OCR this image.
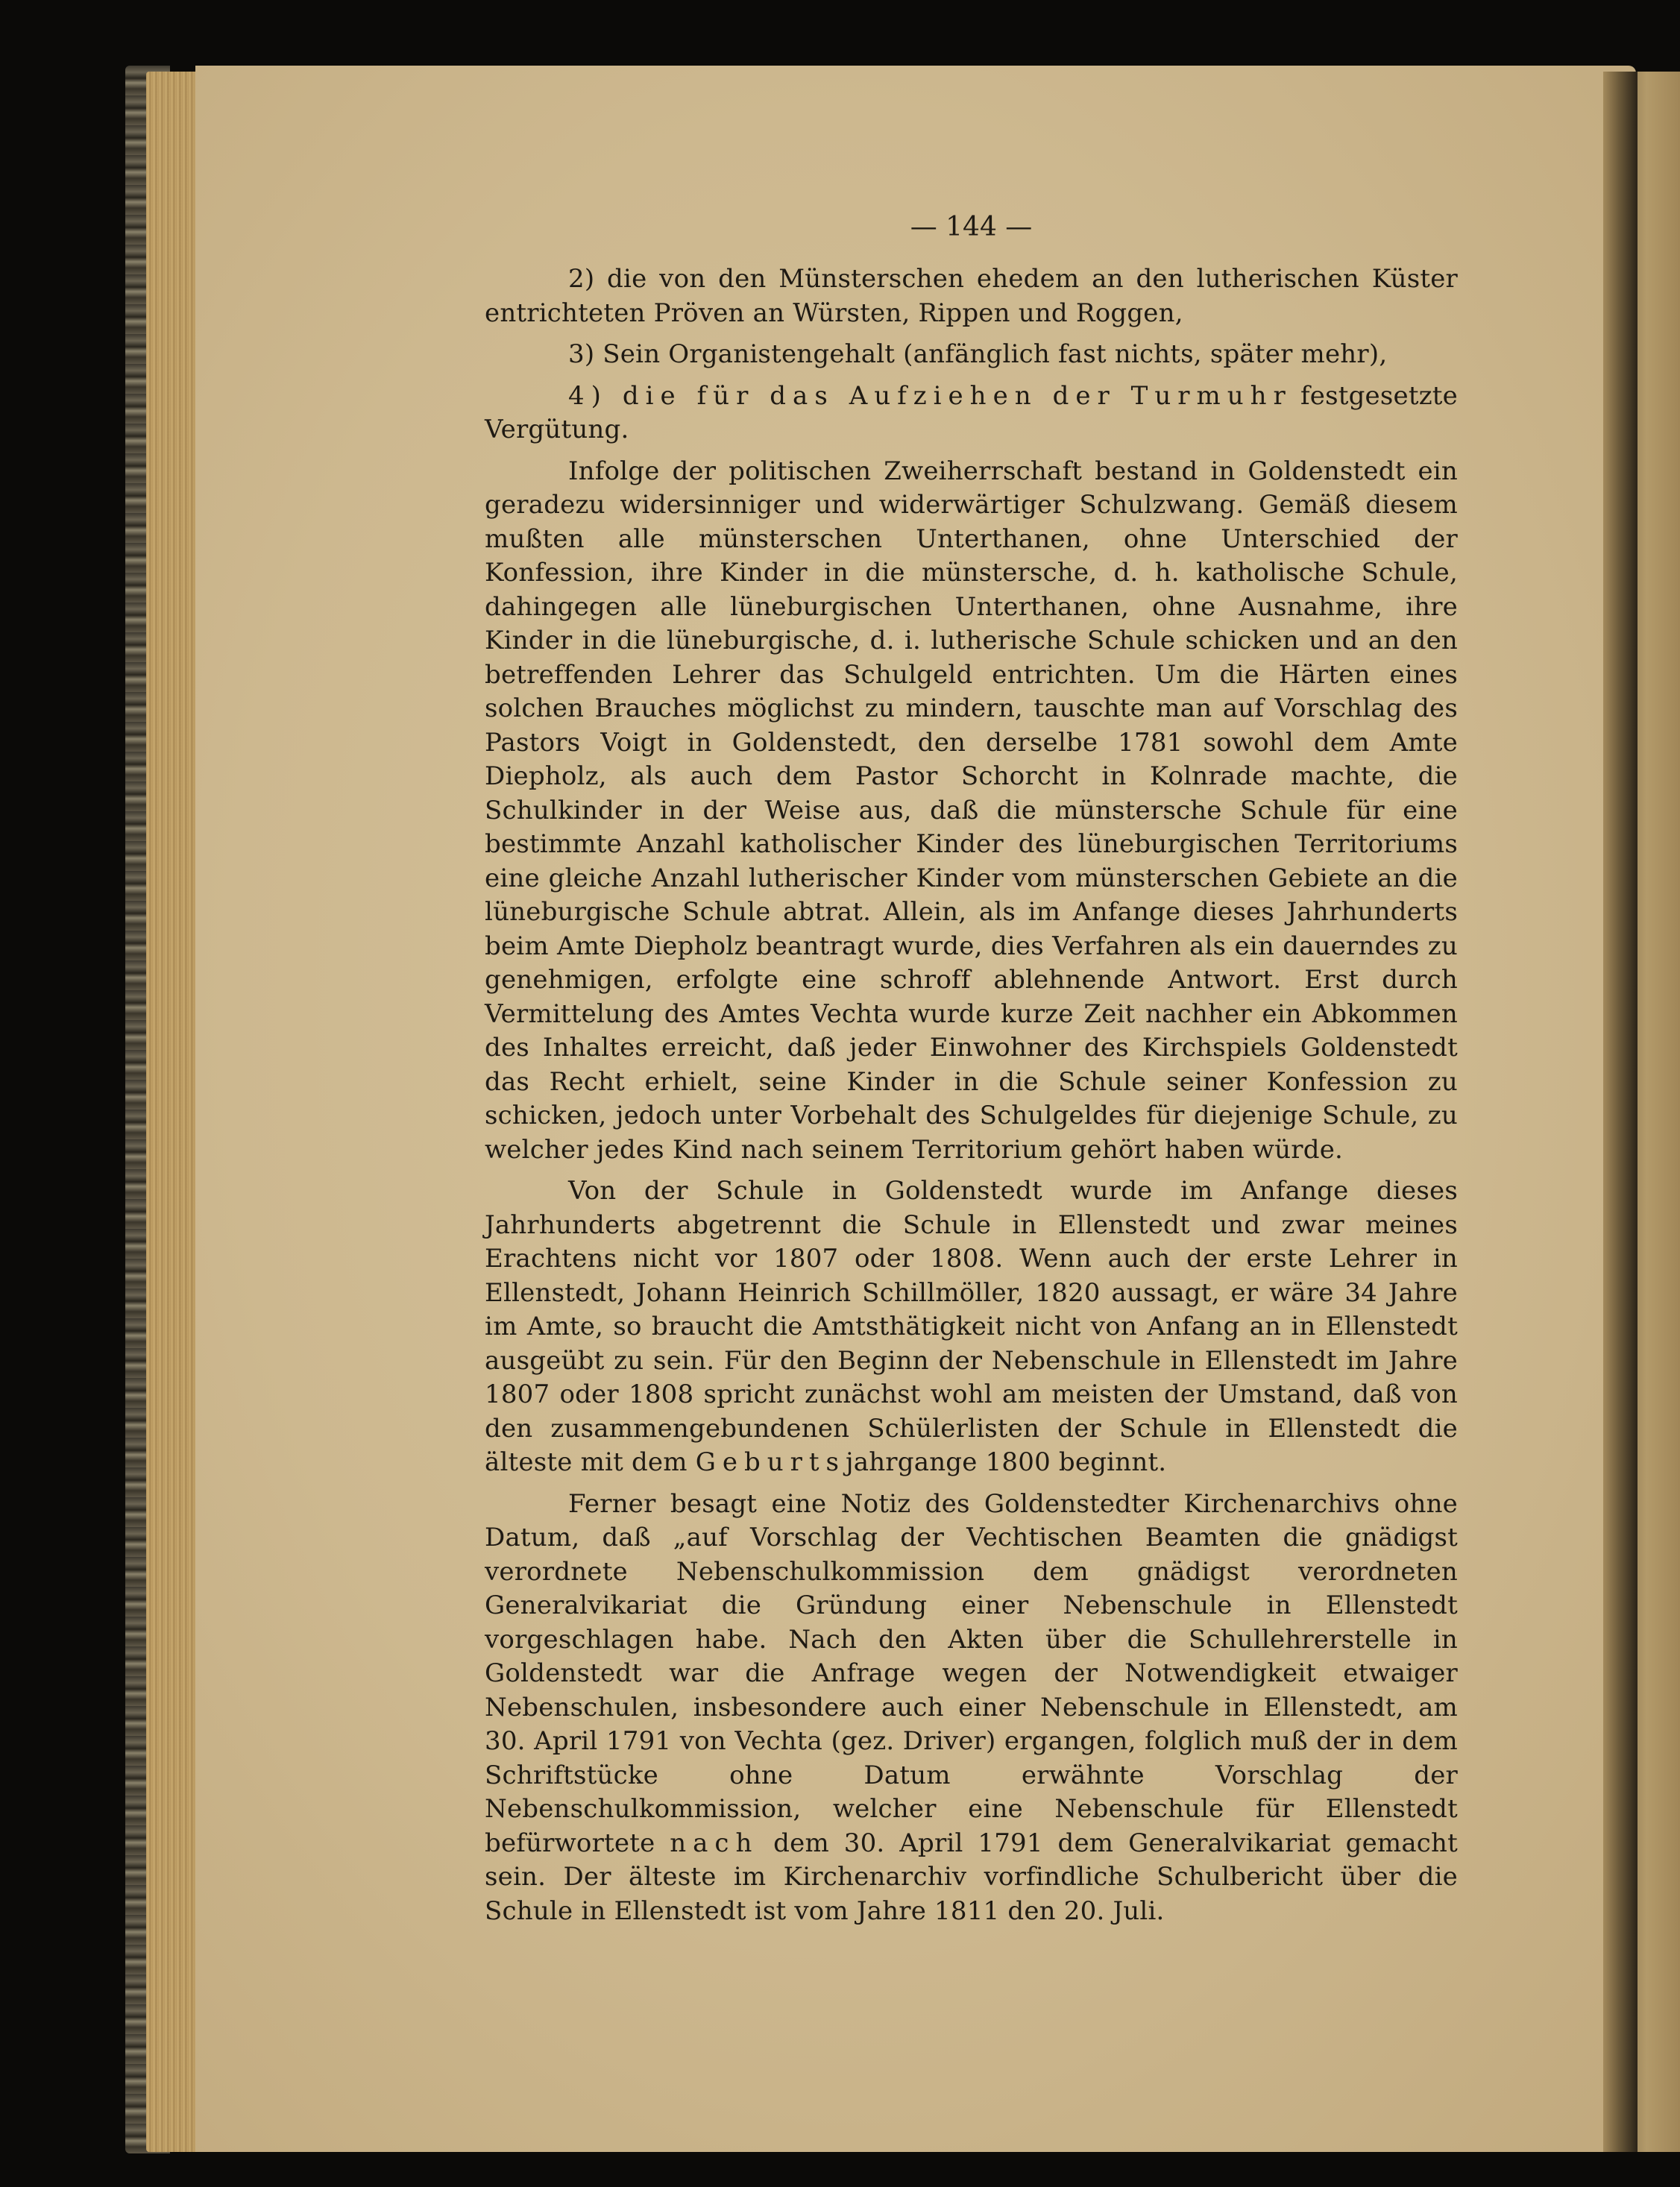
— 144 —

2) die von den Münsterschen ehedem an den lutherischen Küster entrichteten Pröven an Würsten, Rippen und Roggen,

3) Sein Organistengehalt (anfänglich fast nichts, später mehr),

4) die für das Aufziehen der Turmuhr festgesetzte Vergütung.

Infolge der politischen Zweiherrschaft bestand in Goldenstedt ein geradezu widersinniger und widerwärtiger Schulzwang. Gemäß diesem mußten alle münsterschen Unterthanen, ohne Unterschied der Konfession, ihre Kinder in die münstersche, d. h. katholische Schule, dahingegen alle lüneburgischen Unterthanen, ohne Ausnahme, ihre Kinder in die lüneburgische, d. i. lutherische Schule schicken und an den betreffenden Lehrer das Schulgeld entrichten. Um die Härten eines solchen Brauches möglichst zu mindern, tauschte man auf Vorschlag des Pastors Voigt in Goldenstedt, den derselbe 1781 sowohl dem Amte Diepholz, als auch dem Pastor Schorcht in Kolnrade machte, die Schulkinder in der Weise aus, daß die münstersche Schule für eine bestimmte Anzahl katholischer Kinder des lüneburgischen Territoriums eine gleiche Anzahl lutherischer Kinder vom münsterschen Gebiete an die lüneburgische Schule abtrat. Allein, als im Anfange dieses Jahrhunderts beim Amte Diepholz beantragt wurde, dies Verfahren als ein dauerndes zu genehmigen, erfolgte eine schroff ablehnende Antwort. Erst durch Vermittelung des Amtes Vechta wurde kurze Zeit nachher ein Abkommen des Inhaltes erreicht, daß jeder Einwohner des Kirchspiels Goldenstedt das Recht erhielt, seine Kinder in die Schule seiner Konfession zu schicken, jedoch unter Vorbehalt des Schulgeldes für diejenige Schule, zu welcher jedes Kind nach seinem Territorium gehört haben würde.

Von der Schule in Goldenstedt wurde im Anfange dieses Jahrhunderts abgetrennt die Schule in Ellenstedt und zwar meines Erachtens nicht vor 1807 oder 1808. Wenn auch der erste Lehrer in Ellenstedt, Johann Heinrich Schillmöller, 1820 aussagt, er wäre 34 Jahre im Amte, so braucht die Amtsthätigkeit nicht von Anfang an in Ellenstedt ausgeübt zu sein. Für den Beginn der Nebenschule in Ellenstedt im Jahre 1807 oder 1808 spricht zunächst wohl am meisten der Umstand, daß von den zusammengebundenen Schülerlisten der Schule in Ellenstedt die älteste mit dem Geburtsjahrgange 1800 beginnt.

Ferner besagt eine Notiz des Goldenstedter Kirchenarchivs ohne Datum, daß „auf Vorschlag der Vechtischen Beamten die gnädigst verordnete Nebenschulkommission dem gnädigst verordneten Generalvikariat die Gründung einer Nebenschule in Ellenstedt vorgeschlagen habe. Nach den Akten über die Schullehrerstelle in Goldenstedt war die Anfrage wegen der Notwendigkeit etwaiger Nebenschulen, insbesondere auch einer Nebenschule in Ellenstedt, am 30. April 1791 von Vechta (gez. Driver) ergangen, folglich muß der in dem Schriftstücke ohne Datum erwähnte Vorschlag der Nebenschulkommission, welcher eine Nebenschule für Ellenstedt befürwortete nach dem 30. April 1791 dem Generalvikariat gemacht sein. Der älteste im Kirchenarchiv vorfindliche Schulbericht über die Schule in Ellenstedt ist vom Jahre 1811 den 20. Juli.
